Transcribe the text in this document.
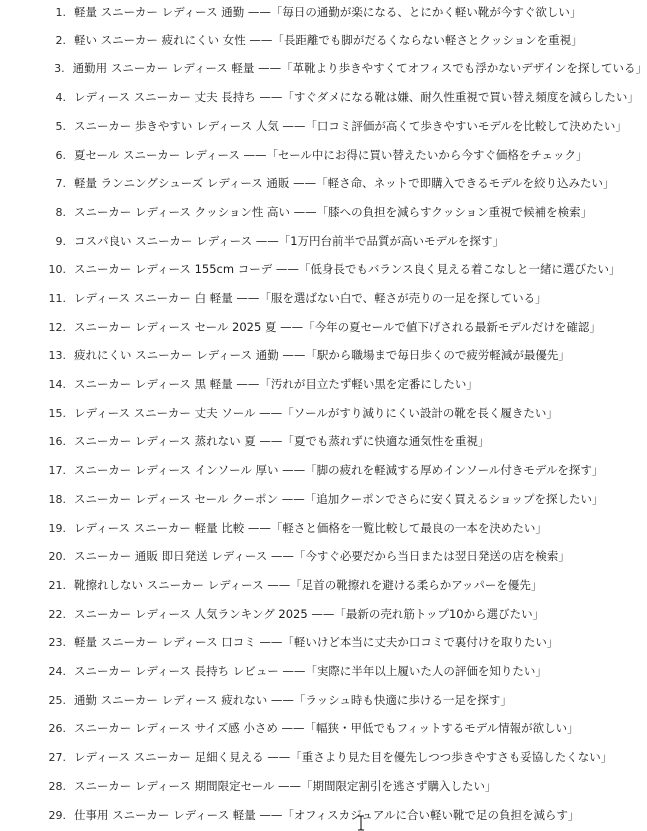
1. 軽量 スニーカー レディース 通勤 ——「毎日の通勤が楽になる、とにかく軽い靴が今すぐ欲しい」
2. 軽い スニーカー 疲れにくい 女性 ——「長距離でも脚がだるくならない軽さとクッションを重視」
3. 通勤用 スニーカー レディース 軽量 ——「革靴より歩きやすくてオフィスでも浮かないデザインを探している」
4. レディース スニーカー 丈夫 長持ち ——「すぐダメになる靴は嫌、耐久性重視で買い替え頻度を減らしたい」
5. スニーカー 歩きやすい レディース 人気 ——「口コミ評価が高くて歩きやすいモデルを比較して決めたい」
6. 夏セール スニーカー レディース ——「セール中にお得に買い替えたいから今すぐ価格をチェック」
7. 軽量 ランニングシューズ レディース 通販 ——「軽さ命、ネットで即購入できるモデルを絞り込みたい」
8. スニーカー レディース クッション性 高い ——「膝への負担を減らすクッション重視で候補を検索」
9. コスパ良い スニーカー レディース ——「1万円台前半で品質が高いモデルを探す」
10. スニーカー レディース 155cm コーデ ——「低身長でもバランス良く見える着こなしと一緒に選びたい」
11. レディース スニーカー 白 軽量 ——「服を選ばない白で、軽さが売りの一足を探している」
12. スニーカー レディース セール 2025 夏 ——「今年の夏セールで値下げされる最新モデルだけを確認」
13. 疲れにくい スニーカー レディース 通勤 ——「駅から職場まで毎日歩くので疲労軽減が最優先」
14. スニーカー レディース 黒 軽量 ——「汚れが目立たず軽い黒を定番にしたい」
15. レディース スニーカー 丈夫 ソール ——「ソールがすり減りにくい設計の靴を長く履きたい」
16. スニーカー レディース 蒸れない 夏 ——「夏でも蒸れずに快適な通気性を重視」
17. スニーカー レディース インソール 厚い ——「脚の疲れを軽減する厚めインソール付きモデルを探す」
18. スニーカー レディース セール クーポン ——「追加クーポンでさらに安く買えるショップを探したい」
19. レディース スニーカー 軽量 比較 ——「軽さと価格を一覧比較して最良の一本を決めたい」
20. スニーカー 通販 即日発送 レディース ——「今すぐ必要だから当日または翌日発送の店を検索」
21. 靴擦れしない スニーカー レディース ——「足首の靴擦れを避ける柔らかアッパーを優先」
22. スニーカー レディース 人気ランキング 2025 ——「最新の売れ筋トップ10から選びたい」
23. 軽量 スニーカー レディース 口コミ ——「軽いけど本当に丈夫か口コミで裏付けを取りたい」
24. スニーカー レディース 長持ち レビュー ——「実際に半年以上履いた人の評価を知りたい」
25. 通勤 スニーカー レディース 疲れない ——「ラッシュ時も快適に歩ける一足を探す」
26. スニーカー レディース サイズ感 小さめ ——「幅狭・甲低でもフィットするモデル情報が欲しい」
27. レディース スニーカー 足細く見える ——「重さより見た目を優先しつつ歩きやすさも妥協したくない」
28. スニーカー レディース 期間限定セール ——「期間限定割引を逃さず購入したい」
29. 仕事用 スニーカー レディース 軽量 ——「オフィスカジュアルに合い軽い靴で足の負担を減らす」
